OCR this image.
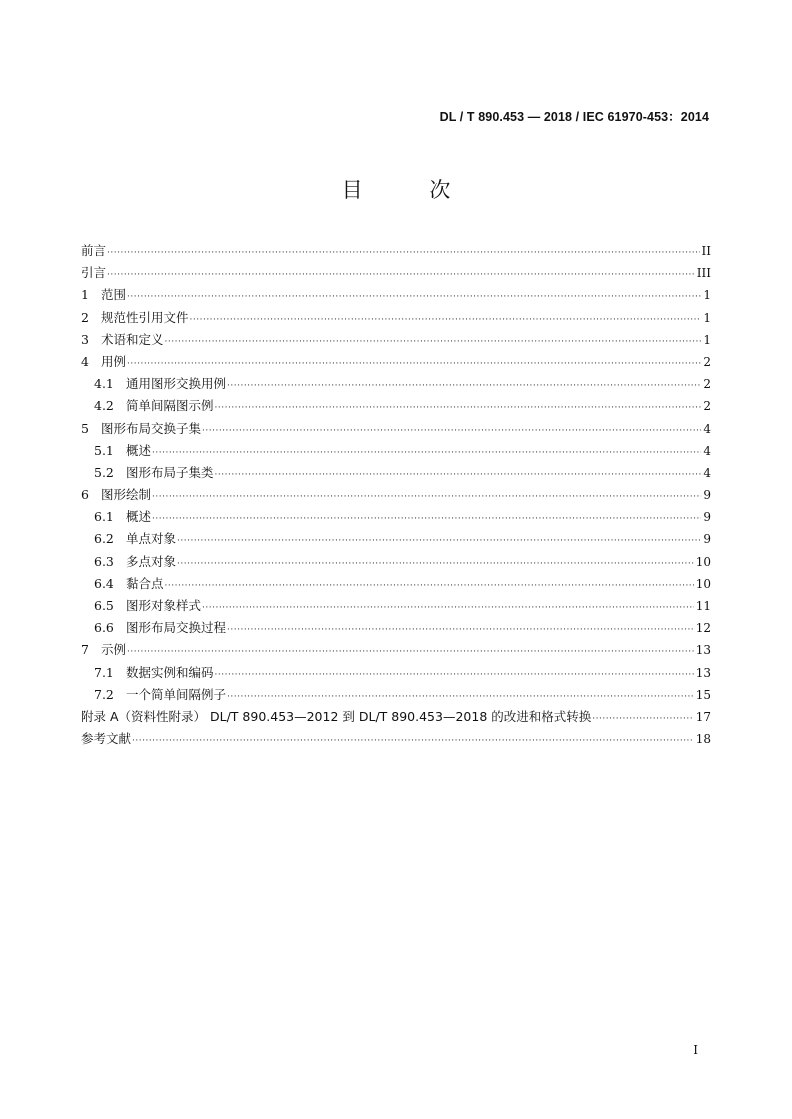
DL / T 890.453 — 2018 / IEC 61970-453：2014
目 次
前言 ·····	II
引言 ·····	III
1 范围 ·····	1
2 规范性引用文件 ·····	1
3 术语和定义 ·····	1
4 用例 ·····	2
4.1 通用图形交换用例 ·····	2
4.2 简单间隔图示例 ·····	2
5 图形布局交换子集 ·····	4
5.1 概述 ·····	4
5.2 图形布局子集类 ·····	4
6 图形绘制 ·····	9
6.1 概述 ·····	9
6.2 单点对象 ·····	9
6.3 多点对象 ·····	10
6.4 黏合点 ·····	10
6.5 图形对象样式 ·····	11
6.6 图形布局交换过程 ·····	12
7 示例 ·····	13
7.1 数据实例和编码 ·····	13
7.2 一个简单间隔例子 ·····	15
附录 A（资料性附录） DL/T 890.453—2012 到 DL/T 890.453—2018 的改进和格式转换 ·····	17
参考文献 ·····	18
I
